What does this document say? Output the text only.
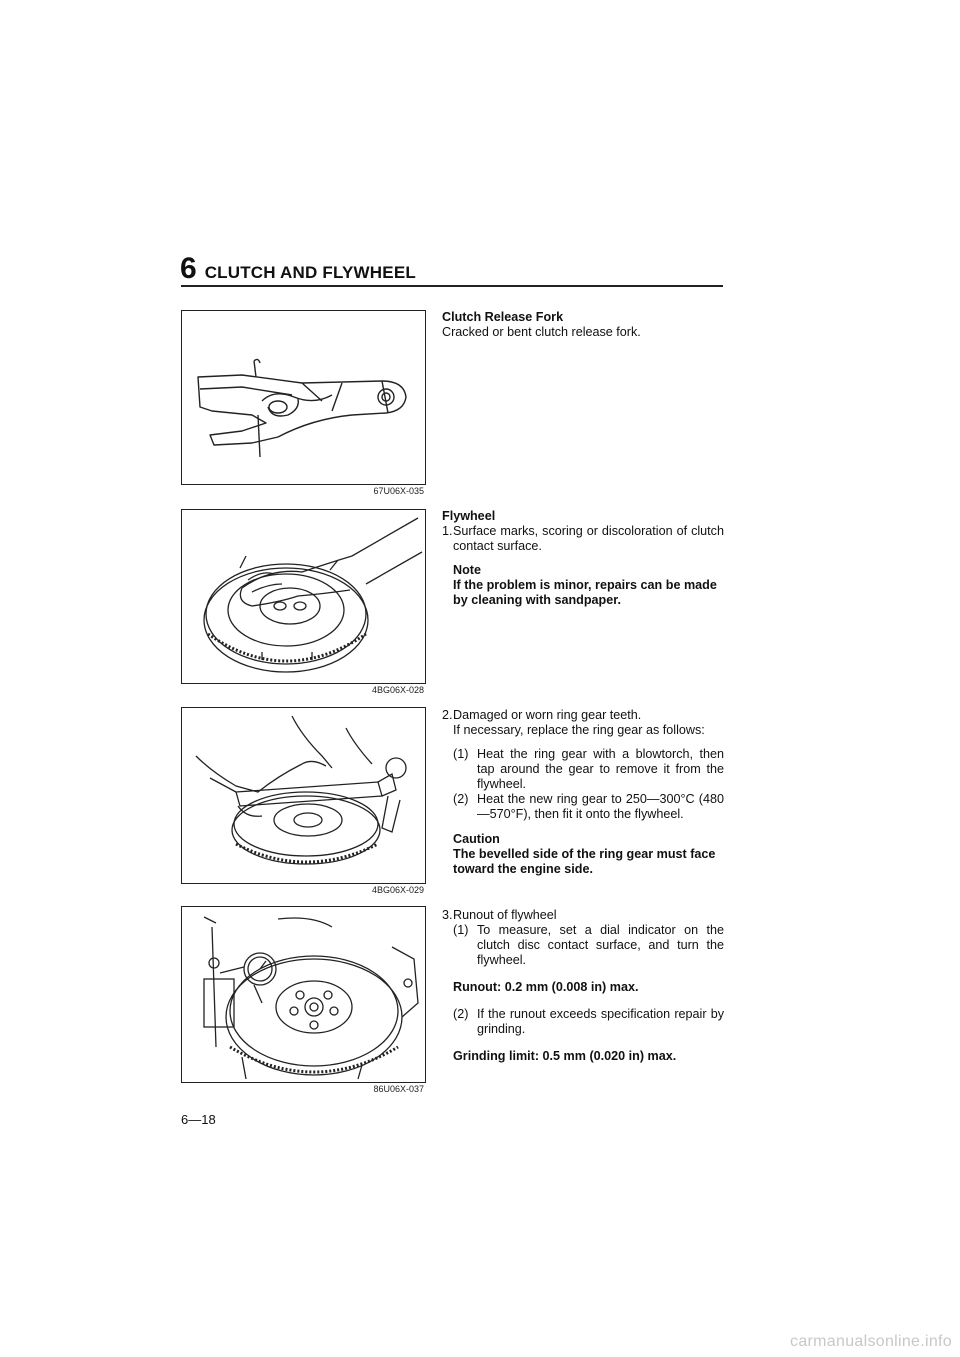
6 CLUTCH AND FLYWHEEL
67U06X-035
4BG06X-028
4BG06X-029
86U06X-037
Clutch Release Fork
Cracked or bent clutch release fork.
Flywheel
1. Surface marks, scoring or discoloration of clutch contact surface.
Note
If the problem is minor, repairs can be made by cleaning with sandpaper.
2. Damaged or worn ring gear teeth.
If necessary, replace the ring gear as follows:
(1) Heat the ring gear with a blowtorch, then tap around the gear to remove it from the flywheel.
(2) Heat the new ring gear to 250—300°C (480—570°F), then fit it onto the flywheel.
Caution
The bevelled side of the ring gear must face toward the engine side.
3. Runout of flywheel
(1) To measure, set a dial indicator on the clutch disc contact surface, and turn the flywheel.
Runout: 0.2 mm (0.008 in) max.
(2) If the runout exceeds specification repair by grinding.
Grinding limit: 0.5 mm (0.020 in) max.
6—18
carmanualsonline.info
